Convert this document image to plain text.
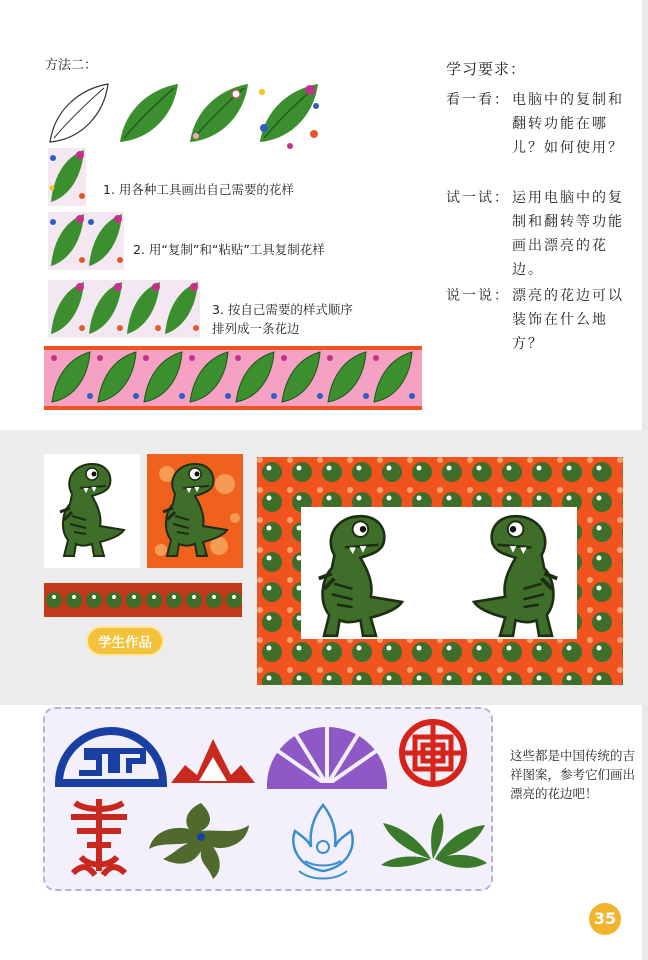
方法二：
1. 用各种工具画出自己需要的花样
2. 用“复制”和“粘贴”工具复制花样
3. 按自己需要的样式顺序
排列成一条花边
学习要求：
看一看： 电脑中的复制和翻转功能在哪儿？如何使用？
试一试： 运用电脑中的复制和翻转等功能画出漂亮的花边。
说一说： 漂亮的花边可以装饰在什么地方？
学生作品
这些都是中国传统的吉祥图案，参考它们画出漂亮的花边吧！
35
